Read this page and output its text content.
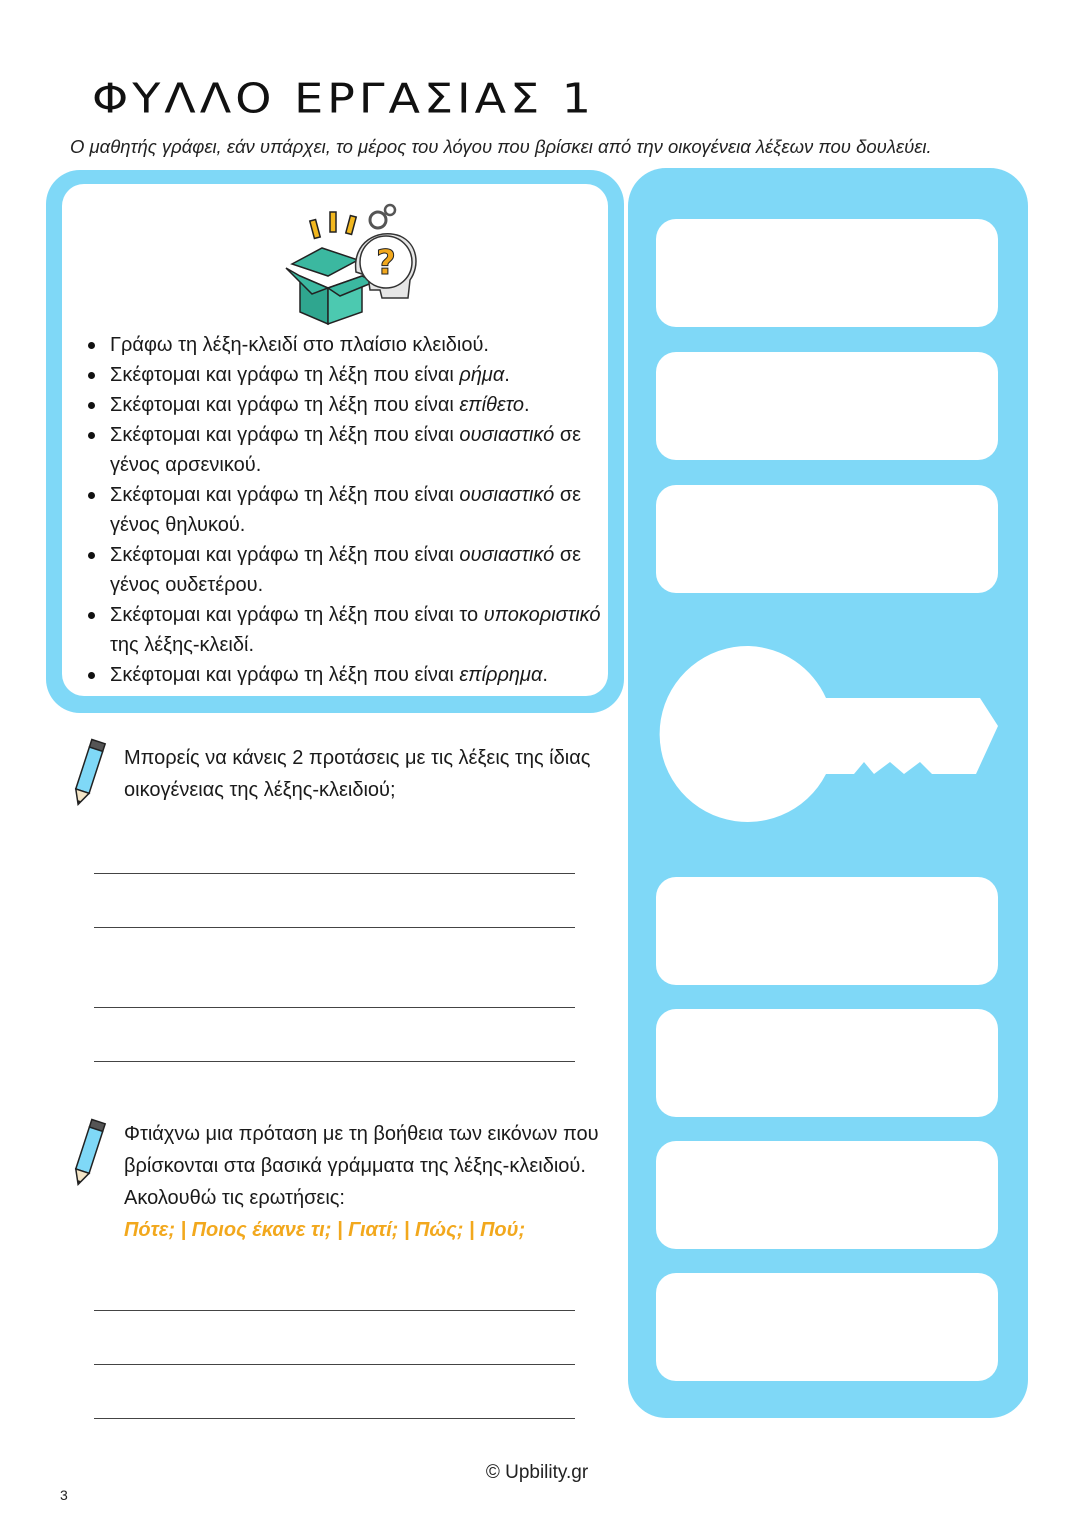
ΦΥΛΛΟ ΕΡΓΑΣΙΑΣ 1
Ο μαθητής γράφει, εάν υπάρχει, το μέρος του λόγου που βρίσκει από την οικογένεια λέξεων που δουλεύει.
?
Γράφω τη λέξη-κλειδί στο πλαίσιο κλειδιού.
Σκέφτομαι και γράφω τη λέξη που είναι ρήμα.
Σκέφτομαι και γράφω τη λέξη που είναι επίθετο.
Σκέφτομαι και γράφω τη λέξη που είναι ουσιαστικό σε γένος αρσενικού.
Σκέφτομαι και γράφω τη λέξη που είναι ουσιαστικό σε γένος θηλυκού.
Σκέφτομαι και γράφω τη λέξη που είναι ουσιαστικό σε γένος ουδετέρου.
Σκέφτομαι και γράφω τη λέξη που είναι το υποκοριστικό της λέξης-κλειδί.
Σκέφτομαι και γράφω τη λέξη που είναι επίρρημα.
Μπορείς να κάνεις 2 προτάσεις με τις λέξεις της ίδιας οικογένειας της λέξης-κλειδιού;
Φτιάχνω μια πρόταση με τη βοήθεια των εικόνων που βρίσκονται στα βασικά γράμματα της λέξης-κλειδιού. Ακολουθώ τις ερωτήσεις:
Πότε; | Ποιος έκανε τι; | Γιατί; | Πώς; | Πού;
© Upbility.gr
3
